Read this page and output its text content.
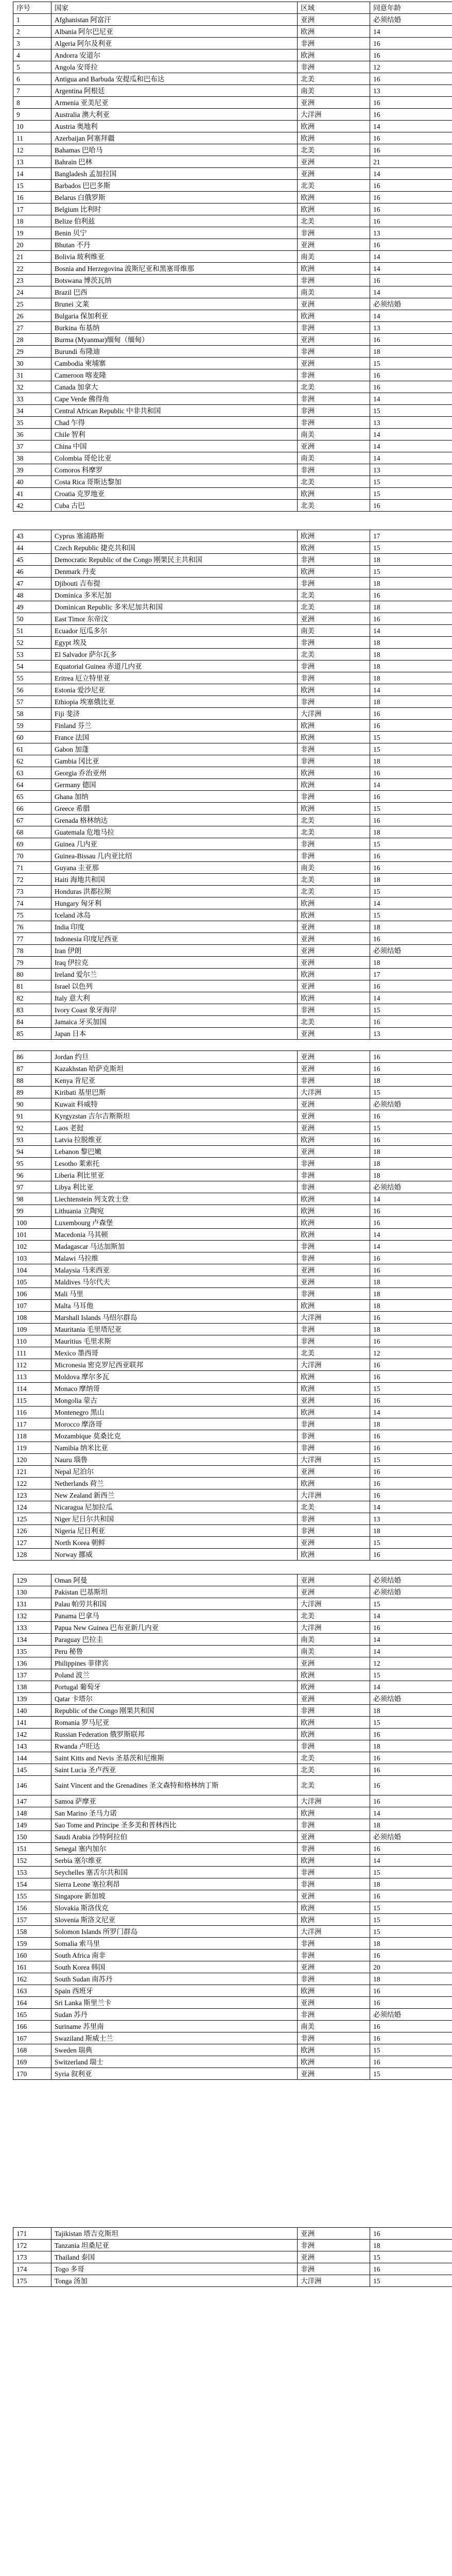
序号	国家	区域	同意年龄
1	Afghanistan 阿富汗	亚洲	必须结婚
2	Albania 阿尔巴尼亚	欧洲	14
3	Algeria 阿尔及利亚	非洲	16
4	Andorra 安道尔	欧洲	16
5	Angola 安哥拉	非洲	12
6	Antigua and Barbuda 安提瓜和巴布达	北美	16
7	Argentina 阿根廷	南美	13
8	Armenia 亚美尼亚	亚洲	16
9	Australia 澳大利亚	大洋洲	16
10	Austria 奥地利	欧洲	14
11	Azerbaijan 阿塞拜疆	欧洲	16
12	Bahamas 巴哈马	北美	16
13	Bahrain 巴林	亚洲	21
14	Bangladesh 孟加拉国	亚洲	14
15	Barbados 巴巴多斯	北美	16
16	Belarus 白俄罗斯	欧洲	16
17	Belgium 比利时	欧洲	16
18	Belize 伯利兹	北美	16
19	Benin 贝宁	非洲	13
20	Bhutan 不丹	亚洲	16
21	Bolivia 玻利维亚	南美	14
22	Bosnia and Herzegovina 波斯尼亚和黑塞哥维那	欧洲	14
23	Botswana 博茨瓦纳	非洲	16
24	Brazil 巴西	南美	14
25	Brunei 文莱	亚洲	必须结婚
26	Bulgaria 保加利亚	欧洲	14
27	Burkina 布基纳	非洲	13
28	Burma (Myanmar)缅甸（缅甸）	亚洲	16
29	Burundi 布隆迪	非洲	18
30	Cambodia 柬埔寨	亚洲	15
31	Cameroon 喀麦隆	非洲	16
32	Canada 加拿大	北美	16
33	Cape Verde 佛得角	非洲	14
34	Central African Republic 中非共和国	非洲	15
35	Chad 乍得	非洲	13
36	Chile 智利	南美	14
37	China 中国	亚洲	14
38	Colombia 哥伦比亚	南美	14
39	Comoros 科摩罗	非洲	13
40	Costa Rica 哥斯达黎加	北美	15
41	Croatia 克罗地亚	欧洲	15
42	Cuba 古巴	北美	16
43	Cyprus 塞浦路斯	欧洲	17
44	Czech Republic 捷克共和国	欧洲	15
45	Democratic Republic of the Congo 刚果民主共和国	非洲	18
46	Denmark 丹麦	欧洲	15
47	Djibouti 吉布提	非洲	18
48	Dominica 多米尼加	北美	16
49	Dominican Republic 多米尼加共和国	北美	18
50	East Timor 东帝汶	亚洲	16
51	Ecuador 厄瓜多尔	南美	14
52	Egypt 埃及	非洲	18
53	El Salvador 萨尔瓦多	北美	18
54	Equatorial Guinea 赤道几内亚	非洲	18
55	Eritrea 厄立特里亚	非洲	18
56	Estonia 爱沙尼亚	欧洲	14
57	Ethiopia 埃塞俄比亚	非洲	18
58	Fiji 斐济	大洋洲	16
59	Finland 芬兰	欧洲	16
60	France 法国	欧洲	15
61	Gabon 加蓬	非洲	15
62	Gambia 冈比亚	非洲	18
63	Georgia 乔治亚州	欧洲	16
64	Germany 德国	欧洲	14
65	Ghana 加纳	非洲	16
66	Greece 希腊	欧洲	15
67	Grenada 格林纳达	北美	16
68	Guatemala 危地马拉	北美	18
69	Guinea 几内亚	非洲	15
70	Guinea-Bissau 几内亚比绍	非洲	16
71	Guyana 圭亚那	南美	16
72	Haiti 海地共和国	北美	18
73	Honduras 洪都拉斯	北美	15
74	Hungary 匈牙利	欧洲	14
75	Iceland 冰岛	欧洲	15
76	India 印度	亚洲	18
77	Indonesia 印度尼西亚	亚洲	16
78	Iran 伊朗	亚洲	必须结婚
79	Iraq 伊拉克	亚洲	18
80	Ireland 爱尔兰	欧洲	17
81	Israel 以色列	亚洲	16
82	Italy 意大利	欧洲	14
83	Ivory Coast 象牙海岸	非洲	15
84	Jamaica 牙买加国	北美	16
85	Japan 日本	亚洲	13
86	Jordan 约旦	亚洲	16
87	Kazakhstan 哈萨克斯坦	亚洲	16
88	Kenya 肯尼亚	非洲	18
89	Kiribati 基里巴斯	大洋洲	15
90	Kuwait 科威特	亚洲	必须结婚
91	Kyrgyzstan 吉尔吉斯斯坦	亚洲	16
92	Laos 老挝	亚洲	15
93	Latvia 拉脱维亚	欧洲	16
94	Lebanon 黎巴嫩	亚洲	18
95	Lesotho 莱索托	非洲	18
96	Liberia 利比里亚	非洲	18
97	Libya 利比亚	非洲	必须结婚
98	Liechtenstein 列支敦士登	欧洲	14
99	Lithuania 立陶宛	欧洲	16
100	Luxembourg 卢森堡	欧洲	16
101	Macedonia 马其顿	欧洲	14
102	Madagascar 马达加斯加	非洲	14
103	Malawi 马拉维	非洲	16
104	Malaysia 马来西亚	亚洲	16
105	Maldives 马尔代夫	亚洲	18
106	Mali 马里	非洲	18
107	Malta 马耳他	欧洲	18
108	Marshall Islands 马绍尔群岛	大洋洲	16
109	Mauritania 毛里塔尼亚	非洲	18
110	Mauritius 毛里求斯	非洲	16
111	Mexico 墨西哥	北美	12
112	Micronesia 密克罗尼西亚联邦	大洋洲	16
113	Moldova 摩尔多瓦	欧洲	16
114	Monaco 摩纳哥	欧洲	15
115	Mongolia 蒙古	亚洲	16
116	Montenegro 黑山	欧洲	14
117	Morocco 摩洛哥	非洲	18
118	Mozambique 莫桑比克	非洲	16
119	Namibia 纳米比亚	非洲	16
120	Nauru 瑙鲁	大洋洲	15
121	Nepal 尼泊尔	亚洲	16
122	Netherlands 荷兰	欧洲	16
123	New Zealand 新西兰	大洋洲	16
124	Nicaragua 尼加拉瓜	北美	14
125	Niger 尼日尔共和国	非洲	13
126	Nigeria 尼日利亚	非洲	18
127	North Korea 朝鲜	亚洲	15
128	Norway 挪威	欧洲	16
129	Oman 阿曼	亚洲	必须结婚
130	Pakistan 巴基斯坦	亚洲	必须结婚
131	Palau 帕劳共和国	大洋洲	15
132	Panama 巴拿马	北美	14
133	Papua New Guinea 巴布亚新几内亚	大洋洲	16
134	Paraguay 巴拉圭	南美	14
135	Peru 秘鲁	南美	14
136	Philippines 菲律宾	亚洲	12
137	Poland 波兰	欧洲	15
138	Portugal 葡萄牙	欧洲	14
139	Qatar 卡塔尔	亚洲	必须结婚
140	Republic of the Congo 刚果共和国	非洲	18
141	Romania 罗马尼亚	欧洲	15
142	Russian Federation 俄罗斯联邦	欧洲	16
143	Rwanda 卢旺达	非洲	18
144	Saint Kitts and Nevis 圣基茨和尼维斯	北美	16
145	Saint Lucia 圣卢西亚	北美	16
146	Saint Vincent and the Grenadines 圣文森特和格林纳丁斯	北美	16
147	Samoa 萨摩亚	大洋洲	16
148	San Marino 圣马力诺	欧洲	14
149	Sao Tome and Principe 圣多美和普林西比	非洲	18
150	Saudi Arabia 沙特阿拉伯	亚洲	必须结婚
151	Senegal 塞内加尔	非洲	16
152	Serbia 塞尔维亚	欧洲	14
153	Seychelles 塞舌尔共和国	非洲	15
154	Sierra Leone 塞拉利昂	非洲	18
155	Singapore 新加坡	亚洲	16
156	Slovakia 斯洛伐克	欧洲	15
157	Slovenia 斯洛文尼亚	欧洲	15
158	Solomon Islands 所罗门群岛	大洋洲	15
159	Somalia 索马里	非洲	18
160	South Africa 南非	非洲	16
161	South Korea 韩国	亚洲	20
162	South Sudan 南苏丹	非洲	18
163	Spain 西班牙	欧洲	16
164	Sri Lanka 斯里兰卡	亚洲	16
165	Sudan 苏丹	非洲	必须结婚
166	Suriname 苏里南	南美	16
167	Swaziland 斯威士兰	非洲	16
168	Sweden 瑞典	欧洲	15
169	Switzerland 瑞士	欧洲	16
170	Syria 叙利亚	亚洲	15
171	Tajikistan 塔吉克斯坦	亚洲	16
172	Tanzania 坦桑尼亚	非洲	18
173	Thailand 泰国	亚洲	15
174	Togo 多哥	非洲	16
175	Tonga 汤加	大洋洲	15
